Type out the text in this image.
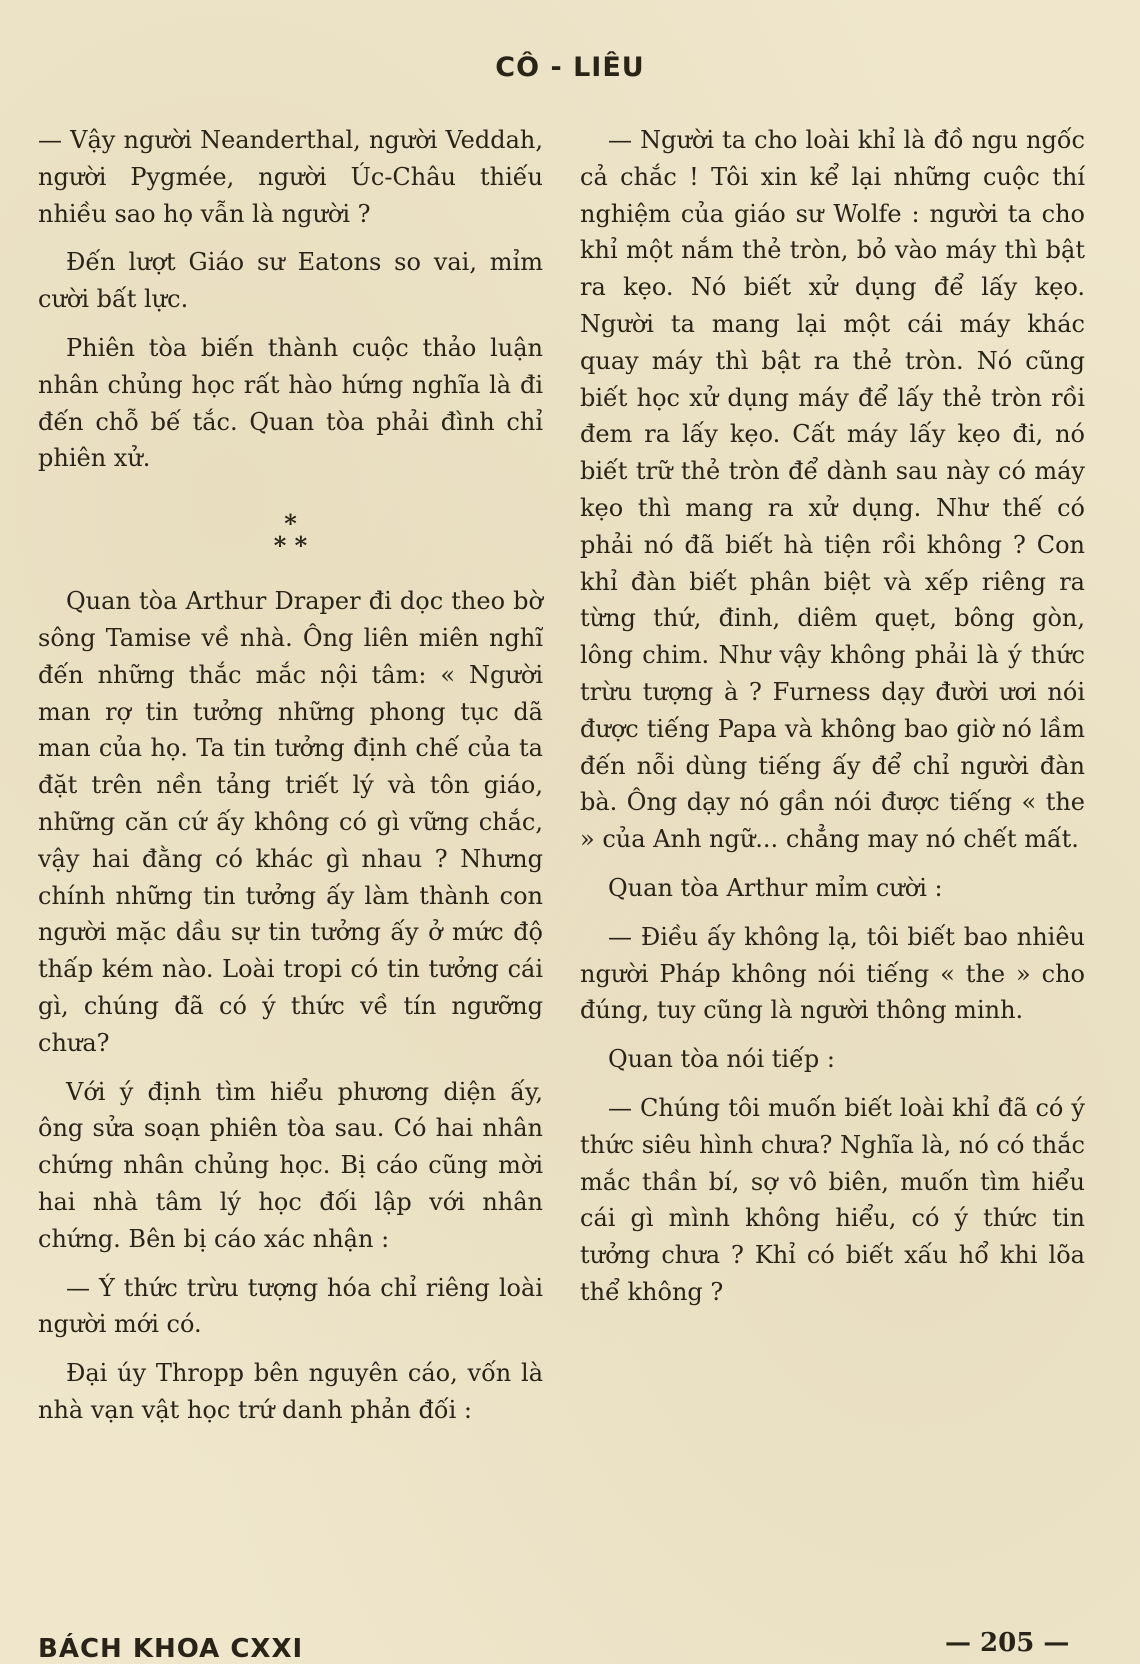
CÔ - LIÊU

— Vậy người Neanderthal, người Veddah, người Pygmée, người Úc-Châu thiếu nhiều sao họ vẫn là người ?

Đến lượt Giáo sư Eatons so vai, mỉm cười bất lực.

Phiên tòa biến thành cuộc thảo luận nhân chủng học rất hào hứng nghĩa là đi đến chỗ bế tắc. Quan tòa phải đình chỉ phiên xử.

*
* *

Quan tòa Arthur Draper đi dọc theo bờ sông Tamise về nhà. Ông liên miên nghĩ đến những thắc mắc nội tâm: « Người man rợ tin tưởng những phong tục dã man của họ. Ta tin tưởng định chế của ta đặt trên nền tảng triết lý và tôn giáo, những căn cứ ấy không có gì vững chắc, vậy hai đằng có khác gì nhau ? Nhưng chính những tin tưởng ấy làm thành con người mặc dầu sự tin tưởng ấy ở mức độ thấp kém nào. Loài tropi có tin tưởng cái gì, chúng đã có ý thức về tín ngưỡng chưa?

Với ý định tìm hiểu phương diện ấy, ông sửa soạn phiên tòa sau. Có hai nhân chứng nhân chủng học. Bị cáo cũng mời hai nhà tâm lý học đối lập với nhân chứng. Bên bị cáo xác nhận :

— Ý thức trừu tượng hóa chỉ riêng loài người mới có.

Đại úy Thropp bên nguyên cáo, vốn là nhà vạn vật học trứ danh phản đối :

— Người ta cho loài khỉ là đồ ngu ngốc cả chắc ! Tôi xin kể lại những cuộc thí nghiệm của giáo sư Wolfe : người ta cho khỉ một nắm thẻ tròn, bỏ vào máy thì bật ra kẹo. Nó biết xử dụng để lấy kẹo. Người ta mang lại một cái máy khác quay máy thì bật ra thẻ tròn. Nó cũng biết học xử dụng máy để lấy thẻ tròn rồi đem ra lấy kẹo. Cất máy lấy kẹo đi, nó biết trữ thẻ tròn để dành sau này có máy kẹo thì mang ra xử dụng. Như thế có phải nó đã biết hà tiện rồi không ? Con khỉ đàn biết phân biệt và xếp riêng ra từng thứ, đinh, diêm quẹt, bông gòn, lông chim. Như vậy không phải là ý thức trừu tượng à ? Furness dạy đười ươi nói được tiếng Papa và không bao giờ nó lầm đến nỗi dùng tiếng ấy để chỉ người đàn bà. Ông dạy nó gần nói được tiếng « the » của Anh ngữ... chẳng may nó chết mất.

Quan tòa Arthur mỉm cười :

— Điều ấy không lạ, tôi biết bao nhiêu người Pháp không nói tiếng « the » cho đúng, tuy cũng là người thông minh.

Quan tòa nói tiếp :

— Chúng tôi muốn biết loài khỉ đã có ý thức siêu hình chưa? Nghĩa là, nó có thắc mắc thần bí, sợ vô biên, muốn tìm hiểu cái gì mình không hiểu, có ý thức tin tưởng chưa ? Khỉ có biết xấu hổ khi lõa thể không ?

BÁCH KHOA CXXI	— 205 —
